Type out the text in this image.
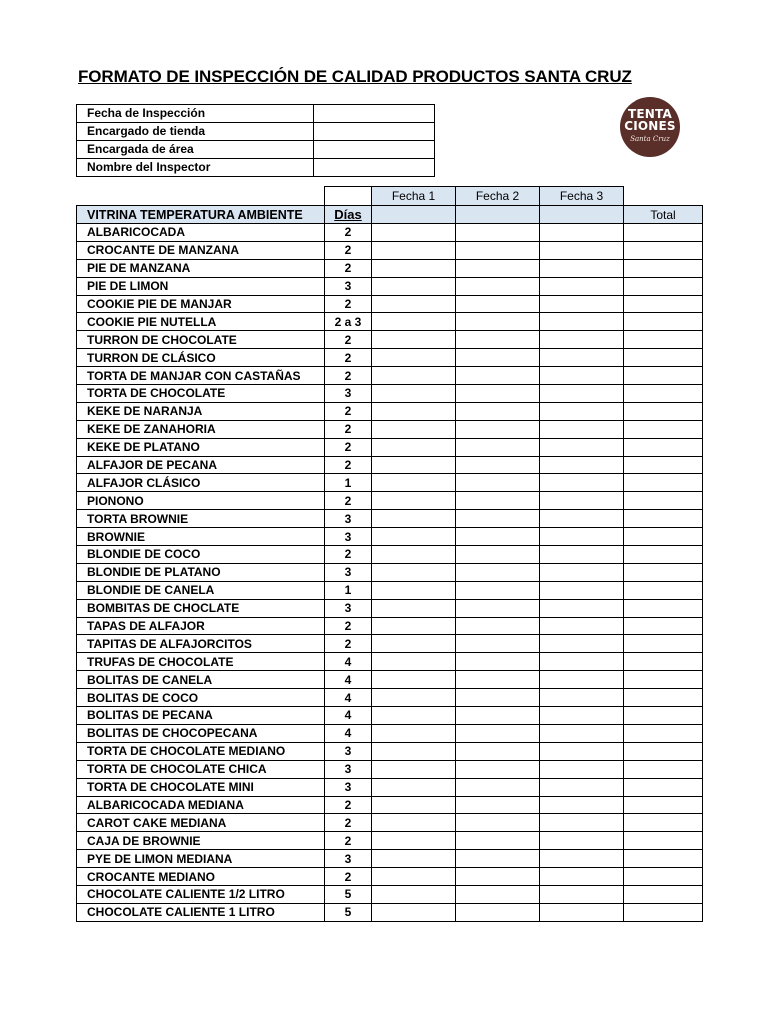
FORMATO DE INSPECCIÓN DE CALIDAD PRODUCTOS SANTA CRUZ
Fecha de Inspección	
Encargado de tienda	
Encargada de área	
Nombre del Inspector	
TENTA
CIONES
Santa Cruz
		Fecha 1	Fecha 2	Fecha 3	
VITRINA TEMPERATURA AMBIENTE	Días				Total
ALBARICOCADA	2				
CROCANTE DE MANZANA	2				
PIE DE MANZANA	2				
PIE DE LIMON	3				
COOKIE PIE DE MANJAR	2				
COOKIE PIE NUTELLA	2 a 3				
TURRON DE CHOCOLATE	2				
TURRON DE CLÁSICO	2				
TORTA DE MANJAR CON CASTAÑAS	2				
TORTA DE CHOCOLATE	3				
KEKE DE NARANJA	2				
KEKE DE ZANAHORIA	2				
KEKE DE PLATANO	2				
ALFAJOR DE PECANA	2				
ALFAJOR CLÁSICO	1				
PIONONO	2				
TORTA BROWNIE	3				
BROWNIE	3				
BLONDIE DE COCO	2				
BLONDIE DE PLATANO	3				
BLONDIE DE CANELA	1				
BOMBITAS DE CHOCLATE	3				
TAPAS DE ALFAJOR	2				
TAPITAS DE ALFAJORCITOS	2				
TRUFAS DE CHOCOLATE	4				
BOLITAS DE CANELA	4				
BOLITAS DE COCO	4				
BOLITAS DE PECANA	4				
BOLITAS DE CHOCOPECANA	4				
TORTA DE CHOCOLATE MEDIANO	3				
TORTA DE CHOCOLATE CHICA	3				
TORTA DE CHOCOLATE MINI	3				
ALBARICOCADA MEDIANA	2				
CAROT CAKE MEDIANA	2				
CAJA DE BROWNIE	2				
PYE DE LIMON MEDIANA	3				
CROCANTE MEDIANO	2				
CHOCOLATE CALIENTE 1/2 LITRO	5				
CHOCOLATE CALIENTE 1 LITRO	5				
